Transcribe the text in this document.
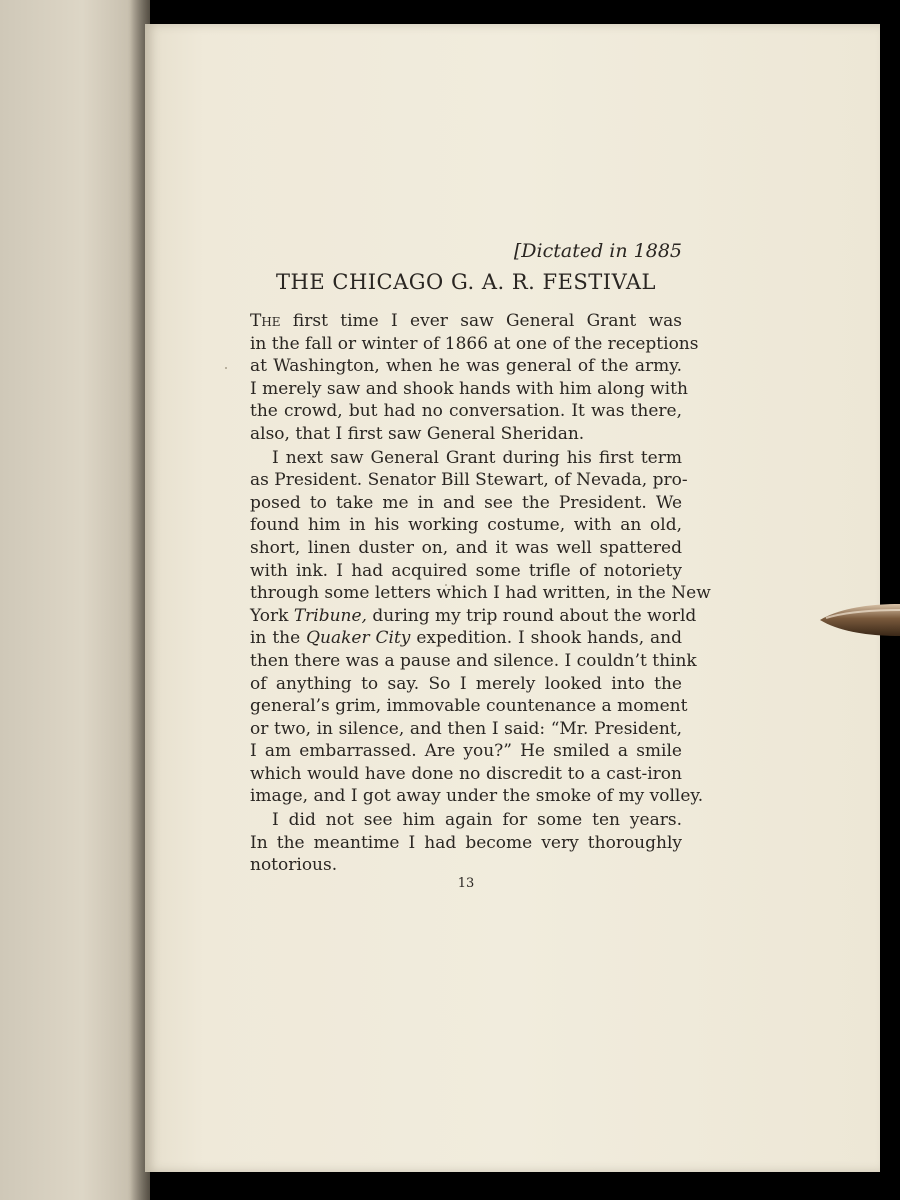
[Dictated in 1885
THE CHICAGO G. A. R. FESTIVAL
The first time I ever saw General Grant was
in the fall or winter of 1866 at one of the receptions
at Washington, when he was general of the army.
I merely saw and shook hands with him along with
the crowd, but had no conversation. It was there,
also, that I first saw General Sheridan.
I next saw General Grant during his first term
as President. Senator Bill Stewart, of Nevada, pro-
posed to take me in and see the President. We
found him in his working costume, with an old,
short, linen duster on, and it was well spattered
with ink. I had acquired some trifle of notoriety
through some letters which I had written, in the New
York Tribune, during my trip round about the world
in the Quaker City expedition. I shook hands, and
then there was a pause and silence. I couldn’t think
of anything to say. So I merely looked into the
general’s grim, immovable countenance a moment
or two, in silence, and then I said: “Mr. President,
I am embarrassed. Are you?” He smiled a smile
which would have done no discredit to a cast-iron
image, and I got away under the smoke of my volley.
I did not see him again for some ten years.
In the meantime I had become very thoroughly
notorious.
13
